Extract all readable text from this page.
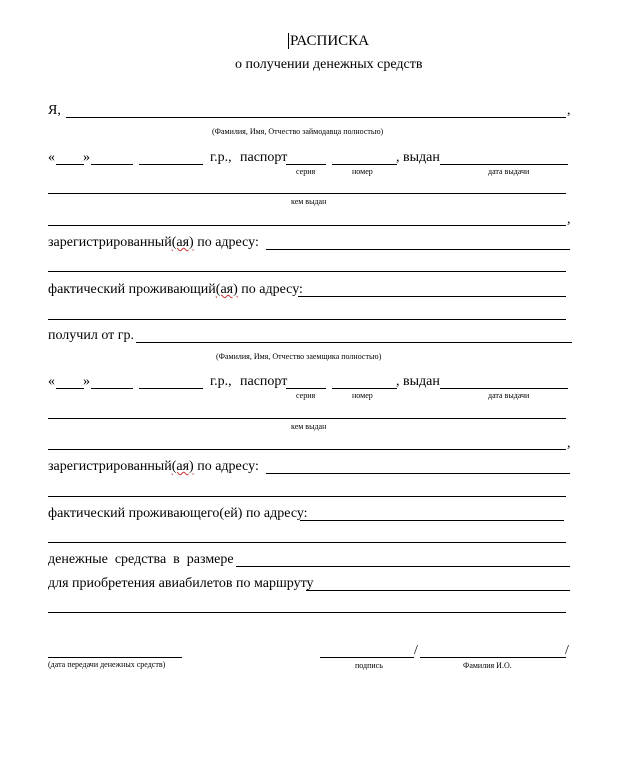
РАСПИСКА
о получении денежных средств
Я,	,
(Фамилия, Имя, Отчество займодавца полностью)
« »	г.р., паспорт	, выдан
серия	номер	дата выдачи
кем выдан
,
зарегистрированный(ая) по адресу:
фактический проживающий(ая) по адресу:
получил от гр.
(Фамилия, Имя, Отчество заемщика полностью)
« »	г.р., паспорт	, выдан
серия	номер	дата выдачи
кем выдан
,
зарегистрированный(ая) по адресу:
фактический проживающего(ей) по адресу:
денежные  средства  в  размере
для приобретения авиабилетов по маршруту
(дата передачи денежных средств)
/	/
подпись	Фамилия И.О.
